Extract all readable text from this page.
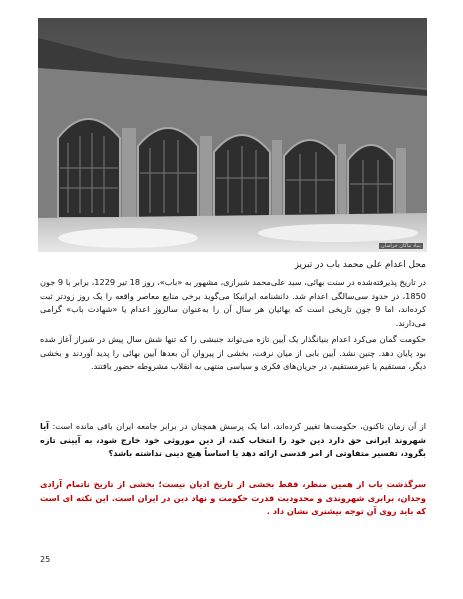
بنیاد نیاکان خراسان
محل اعدام علی محمد باب در تبریز
در تاریخ پذیرفته‌شده در سنت بهائی، سید علی‌محمد شیرازی، مشهور به «باب»، روز 18 تیر 1229، برابر با 9 جون 1850، در حدود سی‌سالگی اعدام شد. دانشنامه ایرانیکا می‌گوید برخی منابع معاصر واقعه را یک روز زودتر ثبت کرده‌اند، اما 9 جون تاریخی است که بهائیان هر سال آن را به‌عنوان سالروز اعدام یا «شهادت باب» گرامی می‌دارند.
حکومت گمان می‌کرد اعدام بنیانگذار یک آیین تازه می‌تواند جنبشی را که تنها شش سال پیش در شیراز آغاز شده بود پایان دهد. چنین نشد. آیین بابی از میان نرفت، بخشی از پیروان آن بعدها آیین بهائی را پدید آوردند و بخشی دیگر، مستقیم یا غیرمستقیم، در جریان‌های فکری و سیاسی منتهی به انقلاب مشروطه حضور یافتند.
از آن زمان تاکنون، حکومت‌ها تغییر کرده‌اند، اما یک پرسش همچنان در برابر جامعه ایران باقی مانده است: آیا شهروند ایرانی حق دارد دین خود را انتخاب کند، از دین موروثی خود خارج شود، به آیینی تازه بگرود، تفسیر متفاوتی از امر قدسی ارائه دهد یا اساساً هیچ دینی نداشته باشد؟
سرگذشت باب از همین منظر، فقط بخشی از تاریخ ادیان نیست؛ بخشی از تاریخ ناتمام آزادی وجدان، برابری شهروندی و محدودیت قدرت حکومت و نهاد دین در ایران است. این نکته ای است که باید روی آن توجه بیشتری نشان داد .
25
